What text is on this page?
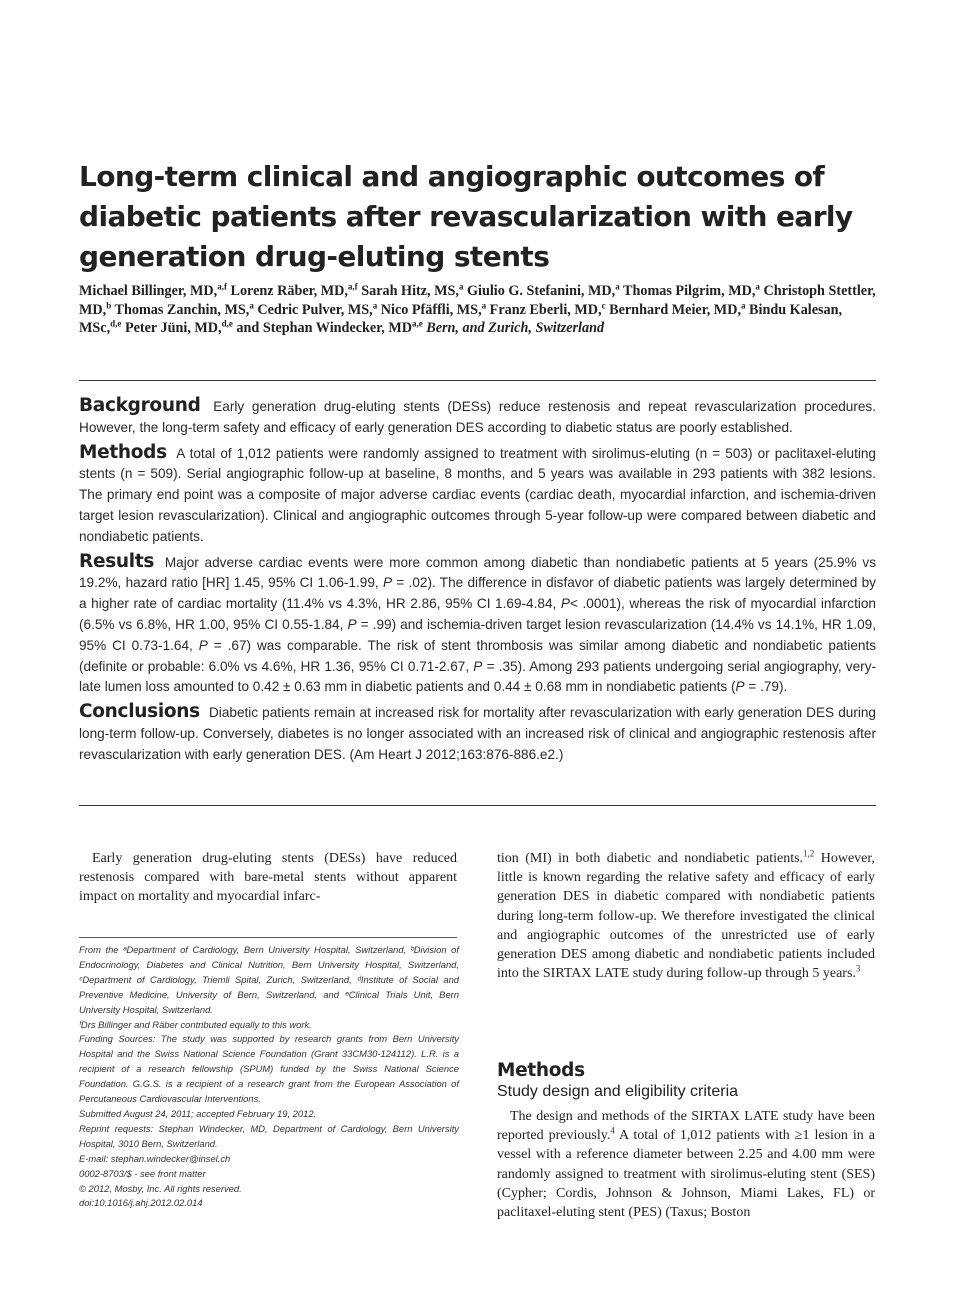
Long-term clinical and angiographic outcomes of diabetic patients after revascularization with early generation drug-eluting stents
Michael Billinger, MD,$^{a,f}$ Lorenz Räber, MD,$^{a,f}$ Sarah Hitz, MS,$^a$ Giulio G. Stefanini, MD,$^a$ Thomas Pilgrim, MD,$^a$ Christoph Stettler, MD,$^b$ Thomas Zanchin, MS,$^a$ Cedric Pulver, MS,$^a$ Nico Pfäffli, MS,$^a$ Franz Eberli, MD,$^c$ Bernhard Meier, MD,$^a$ Bindu Kalesan, MSc,$^{d,e}$ Peter Jüni, MD,$^{d,e}$ and Stephan Windecker, MD$^{a,e}$ Bern, and Zurich, Switzerland

Background Early generation drug-eluting stents (DESs) reduce restenosis and repeat revascularization procedures. However, the long-term safety and efficacy of early generation DES according to diabetic status are poorly established.

Methods A total of 1,012 patients were randomly assigned to treatment with sirolimus-eluting (n = 503) or paclitaxel-eluting stents (n = 509). Serial angiographic follow-up at baseline, 8 months, and 5 years was available in 293 patients with 382 lesions. The primary end point was a composite of major adverse cardiac events (cardiac death, myocardial infarction, and ischemia-driven target lesion revascularization). Clinical and angiographic outcomes through 5-year follow-up were compared between diabetic and nondiabetic patients.

Results Major adverse cardiac events were more common among diabetic than nondiabetic patients at 5 years (25.9% vs 19.2%, hazard ratio [HR] 1.45, 95% CI 1.06-1.99, P = .02). The difference in disfavor of diabetic patients was largely determined by a higher rate of cardiac mortality (11.4% vs 4.3%, HR 2.86, 95% CI 1.69-4.84, P< .0001), whereas the risk of myocardial infarction (6.5% vs 6.8%, HR 1.00, 95% CI 0.55-1.84, P = .99) and ischemia-driven target lesion revascularization (14.4% vs 14.1%, HR 1.09, 95% CI 0.73-1.64, P = .67) was comparable. The risk of stent thrombosis was similar among diabetic and nondiabetic patients (definite or probable: 6.0% vs 4.6%, HR 1.36, 95% CI 0.71-2.67, P = .35). Among 293 patients undergoing serial angiography, very-late lumen loss amounted to 0.42 ± 0.63 mm in diabetic patients and 0.44 ± 0.68 mm in nondiabetic patients (P = .79).

Conclusions Diabetic patients remain at increased risk for mortality after revascularization with early generation DES during long-term follow-up. Conversely, diabetes is no longer associated with an increased risk of clinical and angiographic restenosis after revascularization with early generation DES. (Am Heart J 2012;163:876-886.e2.)

Early generation drug-eluting stents (DESs) have reduced restenosis compared with bare-metal stents without apparent impact on mortality and myocardial infarc-

From the ᵃDepartment of Cardiology, Bern University Hospital, Switzerland, ᵇDivision of Endocrinology, Diabetes and Clinical Nutrition, Bern University Hospital, Switzerland, ᶜDepartment of Cardiology, Triemli Spital, Zurich, Switzerland, ᵈInstitute of Social and Preventive Medicine, University of Bern, Switzerland, and ᵉClinical Trials Unit, Bern University Hospital, Switzerland.

ᶠDrs Billinger and Räber contributed equally to this work.

Funding Sources: The study was supported by research grants from Bern University Hospital and the Swiss National Science Foundation (Grant 33CM30-124112). L.R. is a recipient of a research fellowship (SPUM) funded by the Swiss National Science Foundation. G.G.S. is a recipient of a research grant from the European Association of Percutaneous Cardiovascular Interventions.

Submitted August 24, 2011; accepted February 19, 2012.

Reprint requests: Stephan Windecker, MD, Department of Cardiology, Bern University Hospital, 3010 Bern, Switzerland.

E-mail: stephan.windecker@insel.ch

0002-8703/$ - see front matter

© 2012, Mosby, Inc. All rights reserved.

doi:10.1016/j.ahj.2012.02.014

tion (MI) in both diabetic and nondiabetic patients.$^{1,2}$ However, little is known regarding the relative safety and efficacy of early generation DES in diabetic compared with nondiabetic patients during long-term follow-up. We therefore investigated the clinical and angiographic outcomes of the unrestricted use of early generation DES among diabetic and nondiabetic patients included into the SIRTAX LATE study during follow-up through 5 years.$^3$
Methods
Study design and eligibility criteria
The design and methods of the SIRTAX LATE study have been reported previously.$^4$ A total of 1,012 patients with ≥1 lesion in a vessel with a reference diameter between 2.25 and 4.00 mm were randomly assigned to treatment with sirolimus-eluting stent (SES) (Cypher; Cordis, Johnson & Johnson, Miami Lakes, FL) or paclitaxel-eluting stent (PES) (Taxus; Boston
